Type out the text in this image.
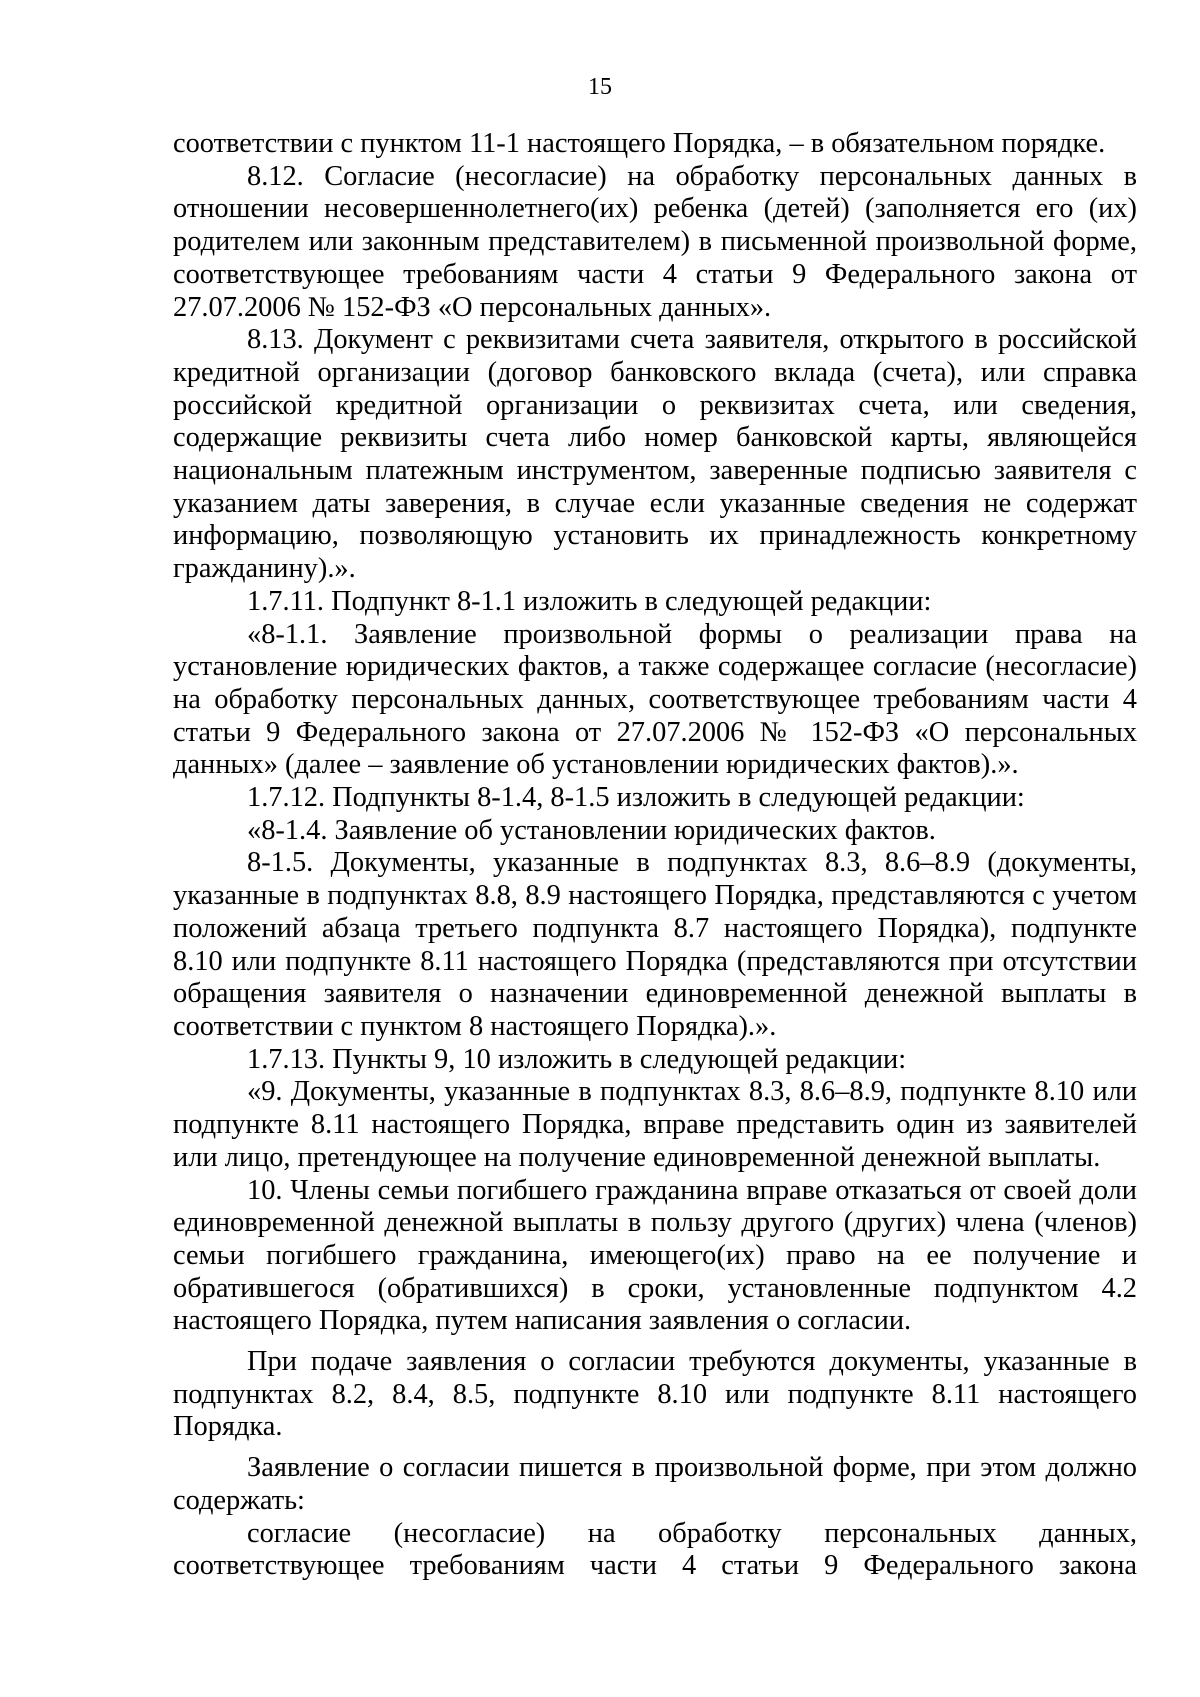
15

соответствии с пунктом 11-1 настоящего Порядка, – в обязательном порядке.

8.12. Согласие (несогласие) на обработку персональных данных в отношении несовершеннолетнего(их) ребенка (детей) (заполняется его (их) родителем или законным представителем) в письменной произвольной форме, соответствующее требованиям части 4 статьи 9 Федерального закона от 27.07.2006 № 152-ФЗ «О персональных данных».

8.13. Документ с реквизитами счета заявителя, открытого в российской кредитной организации (договор банковского вклада (счета), или справка российской кредитной организации о реквизитах счета, или сведения, содержащие реквизиты счета либо номер банковской карты, являющейся национальным платежным инструментом, заверенные подписью заявителя с указанием даты заверения, в случае если указанные сведения не содержат информацию, позволяющую установить их принадлежность конкретному гражданину).».

1.7.11. Подпункт 8-1.1 изложить в следующей редакции:

«8-1.1. Заявление произвольной формы о реализации права на установление юридических фактов, а также содержащее согласие (несогласие) на обработку персональных данных, соответствующее требованиям части 4 статьи 9 Федерального закона от 27.07.2006 № 152-ФЗ «О персональных данных» (далее – заявление об установлении юридических фактов).».

1.7.12. Подпункты 8-1.4, 8-1.5 изложить в следующей редакции:

«8-1.4. Заявление об установлении юридических фактов.

8-1.5. Документы, указанные в подпунктах 8.3, 8.6–8.9 (документы, указанные в подпунктах 8.8, 8.9 настоящего Порядка, представляются с учетом положений абзаца третьего подпункта 8.7 настоящего Порядка), подпункте 8.10 или подпункте 8.11 настоящего Порядка (представляются при отсутствии обращения заявителя о назначении единовременной денежной выплаты в соответствии с пунктом 8 настоящего Порядка).».

1.7.13. Пункты 9, 10 изложить в следующей редакции:

«9. Документы, указанные в подпунктах 8.3, 8.6–8.9, подпункте 8.10 или подпункте 8.11 настоящего Порядка, вправе представить один из заявителей или лицо, претендующее на получение единовременной денежной выплаты.

10. Члены семьи погибшего гражданина вправе отказаться от своей доли единовременной денежной выплаты в пользу другого (других) члена (членов) семьи погибшего гражданина, имеющего(их) право на ее получение и обратившегося (обратившихся) в сроки, установленные подпунктом 4.2 настоящего Порядка, путем написания заявления о согласии.

При подаче заявления о согласии требуются документы, указанные в подпунктах 8.2, 8.4, 8.5, подпункте 8.10 или подпункте 8.11 настоящего Порядка.

Заявление о согласии пишется в произвольной форме, при этом должно содержать:

согласие (несогласие) на обработку персональных данных, соответствующее требованиям части 4 статьи 9 Федерального закона
